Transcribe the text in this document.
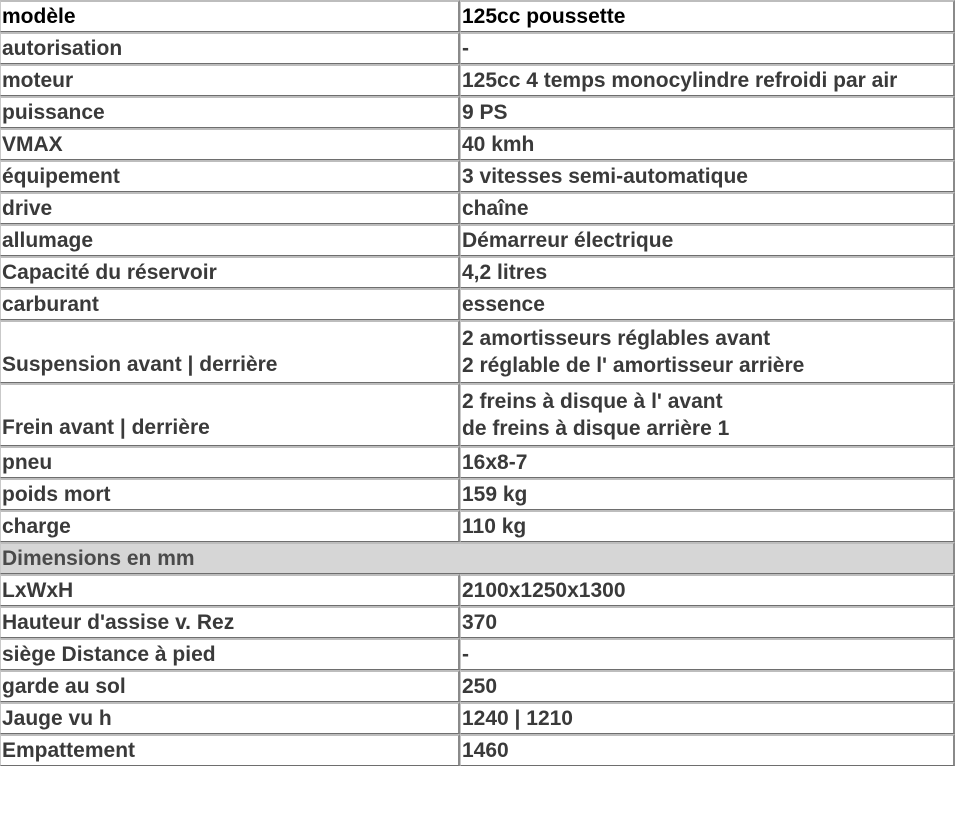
modèle	125cc poussette
autorisation	-
moteur	125cc 4 temps monocylindre refroidi par air
puissance	9 PS
VMAX	40 kmh
équipement	3 vitesses semi-automatique
drive	chaîne
allumage	Démarreur électrique
Capacité du réservoir	4,2 litres
carburant	essence
Suspension avant | derrière	2 amortisseurs réglables avant
2 réglable de l' amortisseur arrière

Frein avant | derrière	2 freins à disque à l' avant
de freins à disque arrière 1

pneu	16x8-7
poids mort	159 kg
charge	110 kg
Dimensions en mm	
LxWxH	2100x1250x1300
Hauteur d'assise v. Rez	370
siège Distance à pied	-
garde au sol	250
Jauge vu h	1240 | 1210
Empattement	1460
